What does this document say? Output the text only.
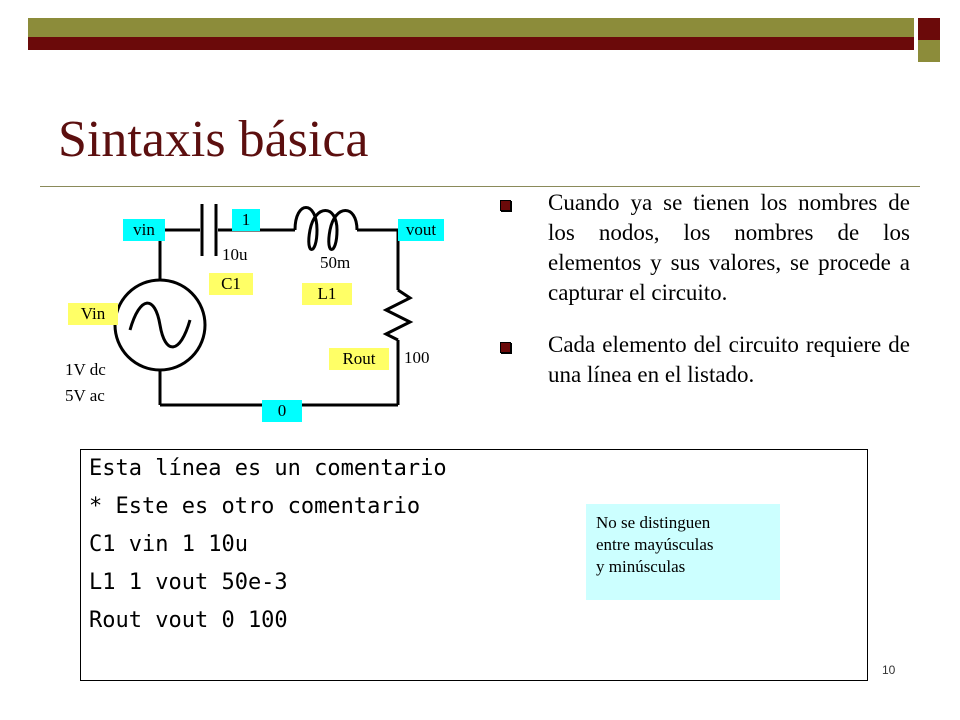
Sintaxis básica
vin
1
vout
0
Vin
C1
L1
Rout
10u	50m
100
1V dc
5V ac
Cuando ya se tienen los nombres de los nodos, los nombres de los elementos y sus valores, se procede a capturar el circuito.
Cada elemento del circuito requiere de una línea en el listado.
Esta línea es un comentario
* Este es otro comentario
C1 vin 1 10u
L1 1 vout 50e-3
Rout vout 0 100
No se distinguen
entre mayúsculas
y minúsculas
10
